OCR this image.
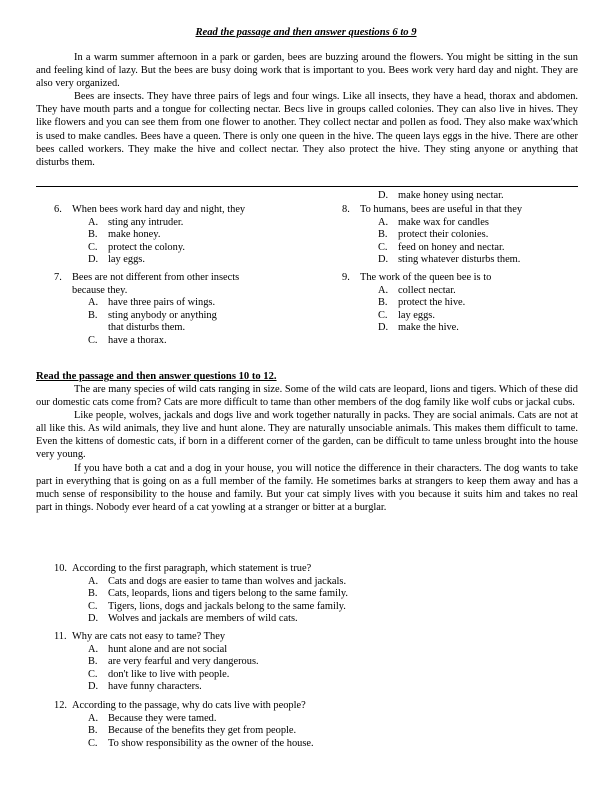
Read the passage and then answer questions 6 to 9

In a warm summer afternoon in a park or garden, bees are buzzing around the flowers. You might be sitting in the sun and feeling kind of lazy. But the bees are busy doing work that is important to you. Bees work very hard day and night. They are also very organized.

Bees are insects. They have three pairs of legs and four wings. Like all insects, they have a head, thorax and abdomen. They have mouth parts and a tongue for collecting nectar. Becs live in groups called colonies. They can also live in hives. They like flowers and you can see them from one flower to another. They collect nectar and pollen as food. They also make wax'which is used to make candles. Bees have a queen. There is only one queen in the hive. The queen lays eggs in the hive. There are other bees called workers. They make the hive and collect nectar. They also protect the hive. They sting anyone or anything that disturbs them.

6. When bees work hard day and night, they
A. sting any intruder.
B.	make honey.
C.	protect the colony.
D. lay eggs.
7. Bees are not different from other insects because they.
A. have three pairs of wings.
B.	sting anybody or anything that disturbs them.
C.	have a thorax.
D. make honey using nectar.
8. To humans, bees are useful in that they
A. make wax for candles
B.	protect their colonies.
C.	feed on honey and nectar.
D. sting whatever disturbs them.
9. The work of the queen bee is to
A. collect nectar.
B.	protect the hive.
C.	lay eggs.
D. make the hive.
Read the passage and then answer questions 10 to 12.

The are many species of wild cats ranging in size. Some of the wild cats are leopard, lions and tigers. Which of these did our domestic cats come from? Cats are more difficult to tame than other members of the dog family like wolf cubs or jackal cubs.

Like people, wolves, jackals and dogs live and work together naturally in packs. They are social animals. Cats are not at all like this. As wild animals, they live and hunt alone. They are naturally unsociable animals. This makes them difficult to tame. Even the kittens of domestic cats, if born in a different corner of the garden, can be difficult to tame unless brought into the house very young.

If you have both a cat and a dog in your house, you will notice the difference in their characters. The dog wants to take part in everything that is going on as a full member of the family. He sometimes barks at strangers to keep them away and has a much sense of responsibility to the house and family. But your cat simply lives with you because it suits him and takes no real part in things. Nobody ever heard of a cat yowling at a stranger or bitter at a burglar.

10. According to the first paragraph, which statement is true?
A. Cats and dogs are easier to tame than wolves and jackals.
B.	Cats, leopards, lions and tigers belong to the same family.
C.	Tigers, lions, dogs and jackals belong to the same family.
D. Wolves and jackals are members of wild cats.
11. Why are cats not easy to tame? They
A. hunt alone and are not social
B.	are very fearful and very dangerous.
C.	don't like to live with people.
D. have funny characters.
12. According to the passage, why do cats live with people?
A. Because they were tamed.
B.	Because of the benefits they get from people.
C.	To show responsibility as the owner of the house.
